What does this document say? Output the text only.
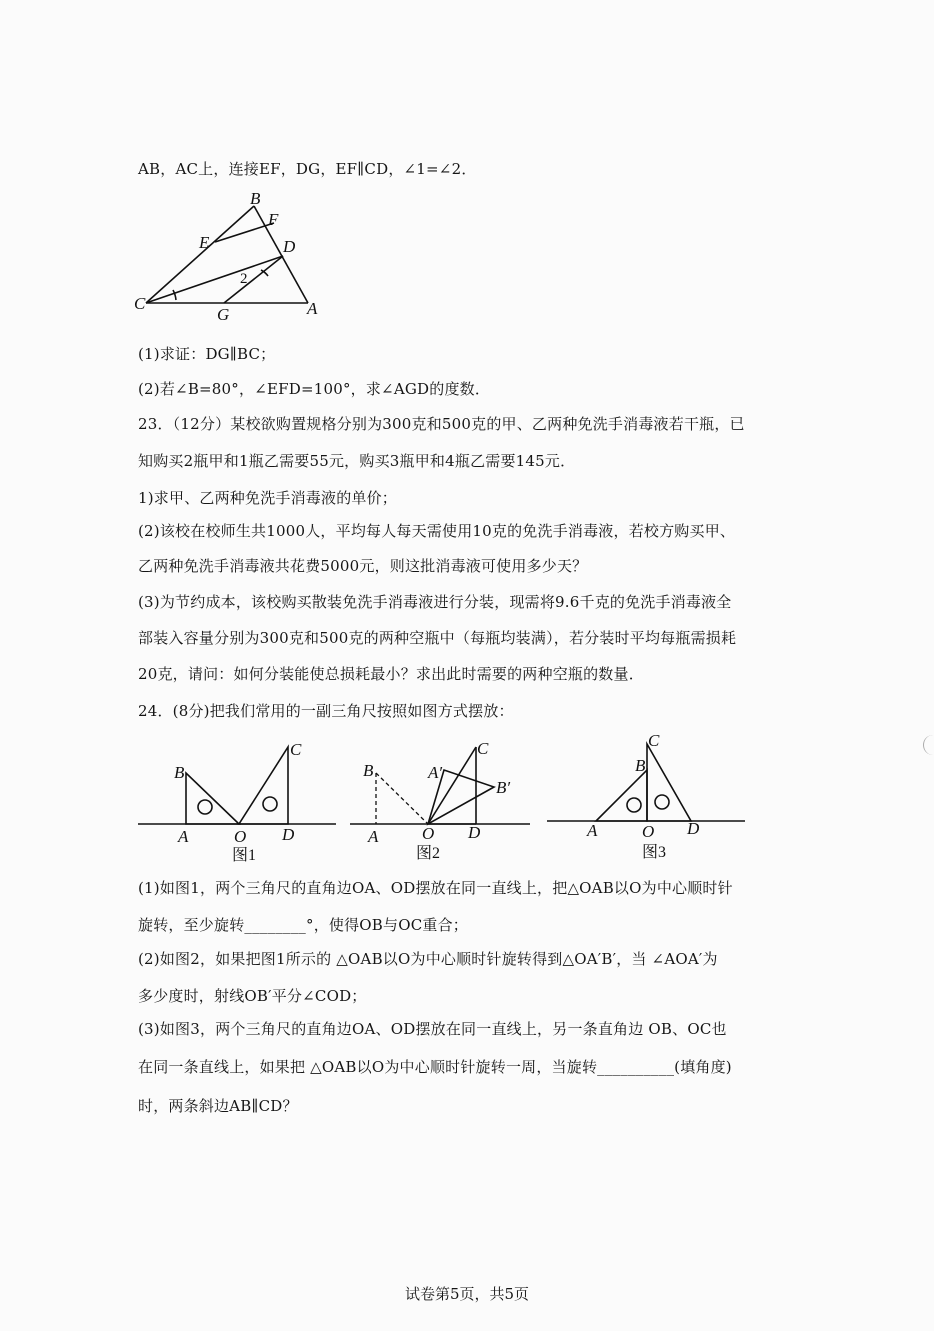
AB，AC上，连接EF，DG，EF∥CD，∠1=∠2．
B
F
E	D
2
C
G	A
(1)求证：DG∥BC；
(2)若∠B=80°，∠EFD=100°，求∠AGD的度数．
23．（12分）某校欲购置规格分别为300克和500克的甲、乙两种免洗手消毒液若干瓶，已
知购买2瓶甲和1瓶乙需要55元，购买3瓶甲和4瓶乙需要145元．
1)求甲、乙两种免洗手消毒液的单价；
(2)该校在校师生共1000人，平均每人每天需使用10克的免洗手消毒液，若校方购买甲、
乙两种免洗手消毒液共花费5000元，则这批消毒液可使用多少天？
(3)为节约成本，该校购买散装免洗手消毒液进行分装，现需将9.6千克的免洗手消毒液全
部装入容量分别为300克和500克的两种空瓶中（每瓶均装满），若分装时平均每瓶需损耗
20克，请问：如何分装能使总损耗最小？求出此时需要的两种空瓶的数量．
24．(8分)把我们常用的一副三角尺按照如图方式摆放：
B
C
A	O D
图1
B	A′
C
B′
A	O D
图2
C
B
A	O D
图3
(1)如图1，两个三角尺的直角边OA、OD摆放在同一直线上，把△OAB以O为中心顺时针
旋转，至少旋转________°，使得OB与OC重合；
(2)如图2，如果把图1所示的 △OAB以O为中心顺时针旋转得到△OA′B′，当 ∠AOA′为
多少度时，射线OB′平分∠COD；
(3)如图3，两个三角尺的直角边OA、OD摆放在同一直线上，另一条直角边 OB、OC也
在同一条直线上，如果把 △OAB以O为中心顺时针旋转一周，当旋转__________(填角度)
时，两条斜边AB∥CD？
试卷第5页，共5页
